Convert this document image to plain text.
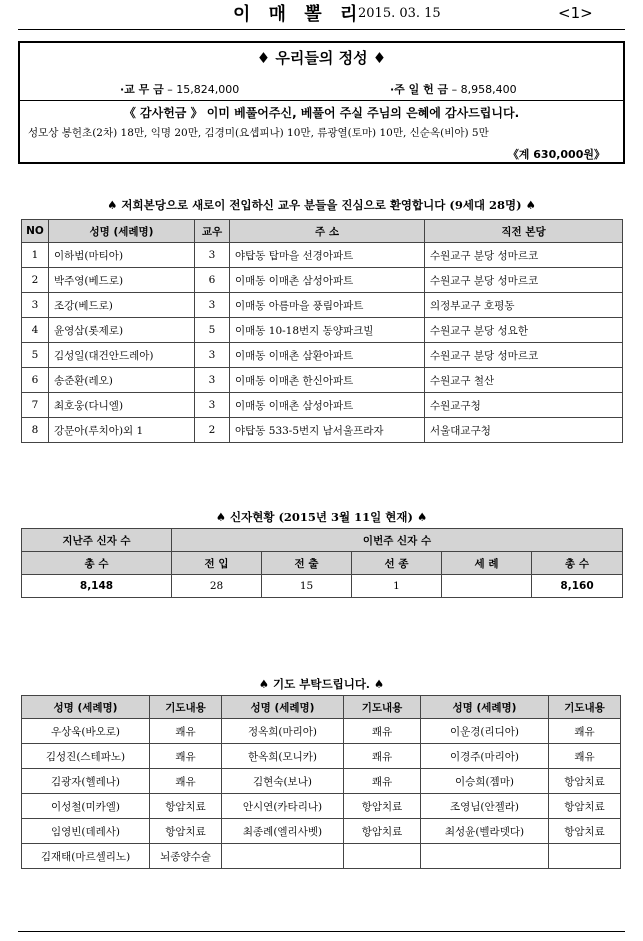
이 매 뽈 리
2015. 03. 15	<1>
♦ 우리들의 정성 ♦
·교 무 금 – 15,824,000	·주 일 헌 금 – 8,958,400
《 감사헌금 》 이미 베풀어주신, 베풀어 주실 주님의 은혜에 감사드립니다.
성모상 봉헌초(2차) 18만, 익명 20만, 김경미(요셉피나) 10만, 류광열(토마) 10만, 신순옥(비아) 5만
《계 630,000원》
♠ 저희본당으로 새로이 전입하신 교우 분들을 진심으로 환영합니다 (9세대 28명) ♠
NO	성명 (세례명)	교우	주 소	직전 본당
1	이하범(마티아)	3	야탑동 탑마을 선경아파트	수원교구 분당 성마르코
2	박주영(베드로)	6	이매동 이매촌 삼성아파트	수원교구 분당 성마르코
3	조강(베드로)	3	이매동 아름마을 풍림아파트	의정부교구 호평동
4	윤영삼(롯제로)	5	이매동 10-18번지 동양파크빌	수원교구 분당 성요한
5	김성일(대건안드레아)	3	이매동 이매촌 삼환아파트	수원교구 분당 성마르코
6	송준환(레오)	3	이매동 이매촌 한신아파트	수원교구 철산
7	최호웅(다니엘)	3	이매동 이매촌 삼성아파트	수원교구청
8	강문아(루치아)외 1	2	야탑동 533-5번지 남서울프라자	서울대교구청
♠ 신자현황 (2015년 3월 11일 현재) ♠
지난주 신자 수	이번주 신자 수				
총 수	전 입	전 출	선 종	세 례	총 수
8,148	28	15	1		8,160
♠ 기도 부탁드립니다. ♠
성명 (세례명)	기도내용	성명 (세례명)	기도내용	성명 (세례명)	기도내용
우상욱(바오로)	쾌유	정옥희(마리아)	쾌유	이운경(리디아)	쾌유
김성진(스테파노)	쾌유	한옥희(모니카)	쾌유	이경주(마리아)	쾌유
김광자(헬레나)	쾌유	김현숙(보나)	쾌유	이승희(젬마)	항암치료
이성철(미카엘)	항암치료	안시연(카타리나)	항암치료	조영님(안젤라)	항암치료
임영빈(데레사)	항암치료	최종례(엘리사벳)	항암치료	최성윤(벨라뎃다)	항암치료
김재태(마르셀리노)	뇌종양수술				
